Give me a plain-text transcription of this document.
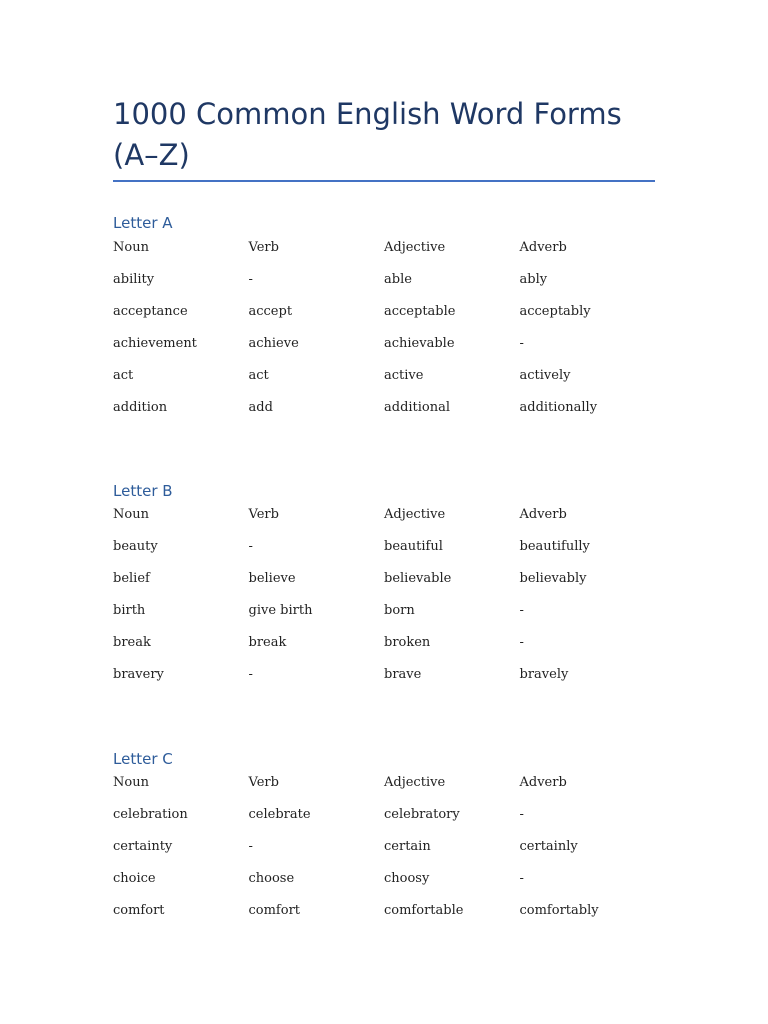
1000 Common English Word Forms (A–Z)
Letter A
Noun	Verb	Adjective	Adverb
ability	-	able	ably
acceptance	accept	acceptable	acceptably
achievement	achieve	achievable	-
act	act	active	actively
addition	add	additional	additionally
Letter B
Noun	Verb	Adjective	Adverb
beauty	-	beautiful	beautifully
belief	believe	believable	believably
birth	give birth	born	-
break	break	broken	-
bravery	-	brave	bravely
Letter C
Noun	Verb	Adjective	Adverb
celebration	celebrate	celebratory	-
certainty	-	certain	certainly
choice	choose	choosy	-
comfort	comfort	comfortable	comfortably
